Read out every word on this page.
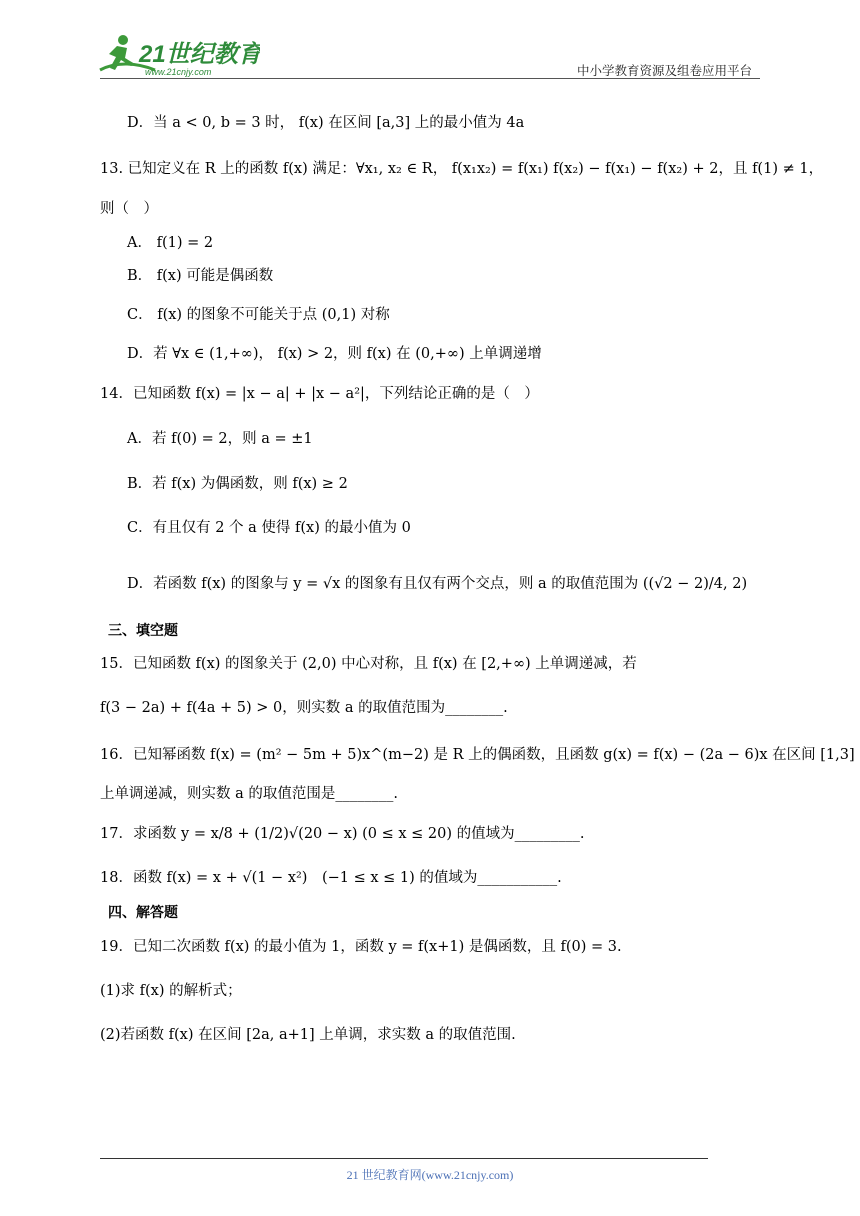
21世纪教育
www.21cnjy.com	中小学教育资源及组卷应用平台
D．当 a < 0, b = 3 时， f(x) 在区间 [a,3] 上的最小值为 4a
13. 已知定义在 R 上的函数 f(x) 满足：∀x₁, x₂ ∈ R， f(x₁x₂) = f(x₁) f(x₂) − f(x₁) − f(x₂) + 2，且 f(1) ≠ 1，
则（　）
A． f(1) = 2
B． f(x) 可能是偶函数
C． f(x) 的图象不可能关于点 (0,1) 对称
D．若 ∀x ∈ (1,+∞)， f(x) > 2，则 f(x) 在 (0,+∞) 上单调递增
14．已知函数 f(x) = |x − a| + |x − a²|，下列结论正确的是（　）
A．若 f(0) = 2，则 a = ±1
B．若 f(x) 为偶函数，则 f(x) ≥ 2
C．有且仅有 2 个 a 使得 f(x) 的最小值为 0
D．若函数 f(x) 的图象与 y = √x 的图象有且仅有两个交点，则 a 的取值范围为 ((√2 − 2)/4, 2)
三、填空题
15．已知函数 f(x) 的图象关于 (2,0) 中心对称，且 f(x) 在 [2,+∞) 上单调递减，若
f(3 − 2a) + f(4a + 5) > 0，则实数 a 的取值范围为________.
16．已知幂函数 f(x) = (m² − 5m + 5)x^(m−2) 是 R 上的偶函数，且函数 g(x) = f(x) − (2a − 6)x 在区间 [1,3]
上单调递减，则实数 a 的取值范围是________.
17．求函数 y = x/8 + (1/2)√(20 − x) (0 ≤ x ≤ 20) 的值域为_________.
18．函数 f(x) = x + √(1 − x²)　(−1 ≤ x ≤ 1) 的值域为___________.
四、解答题
19．已知二次函数 f(x) 的最小值为 1，函数 y = f(x+1) 是偶函数，且 f(0) = 3.
(1)求 f(x) 的解析式；
(2)若函数 f(x) 在区间 [2a, a+1] 上单调，求实数 a 的取值范围.
21 世纪教育网(www.21cnjy.com)
